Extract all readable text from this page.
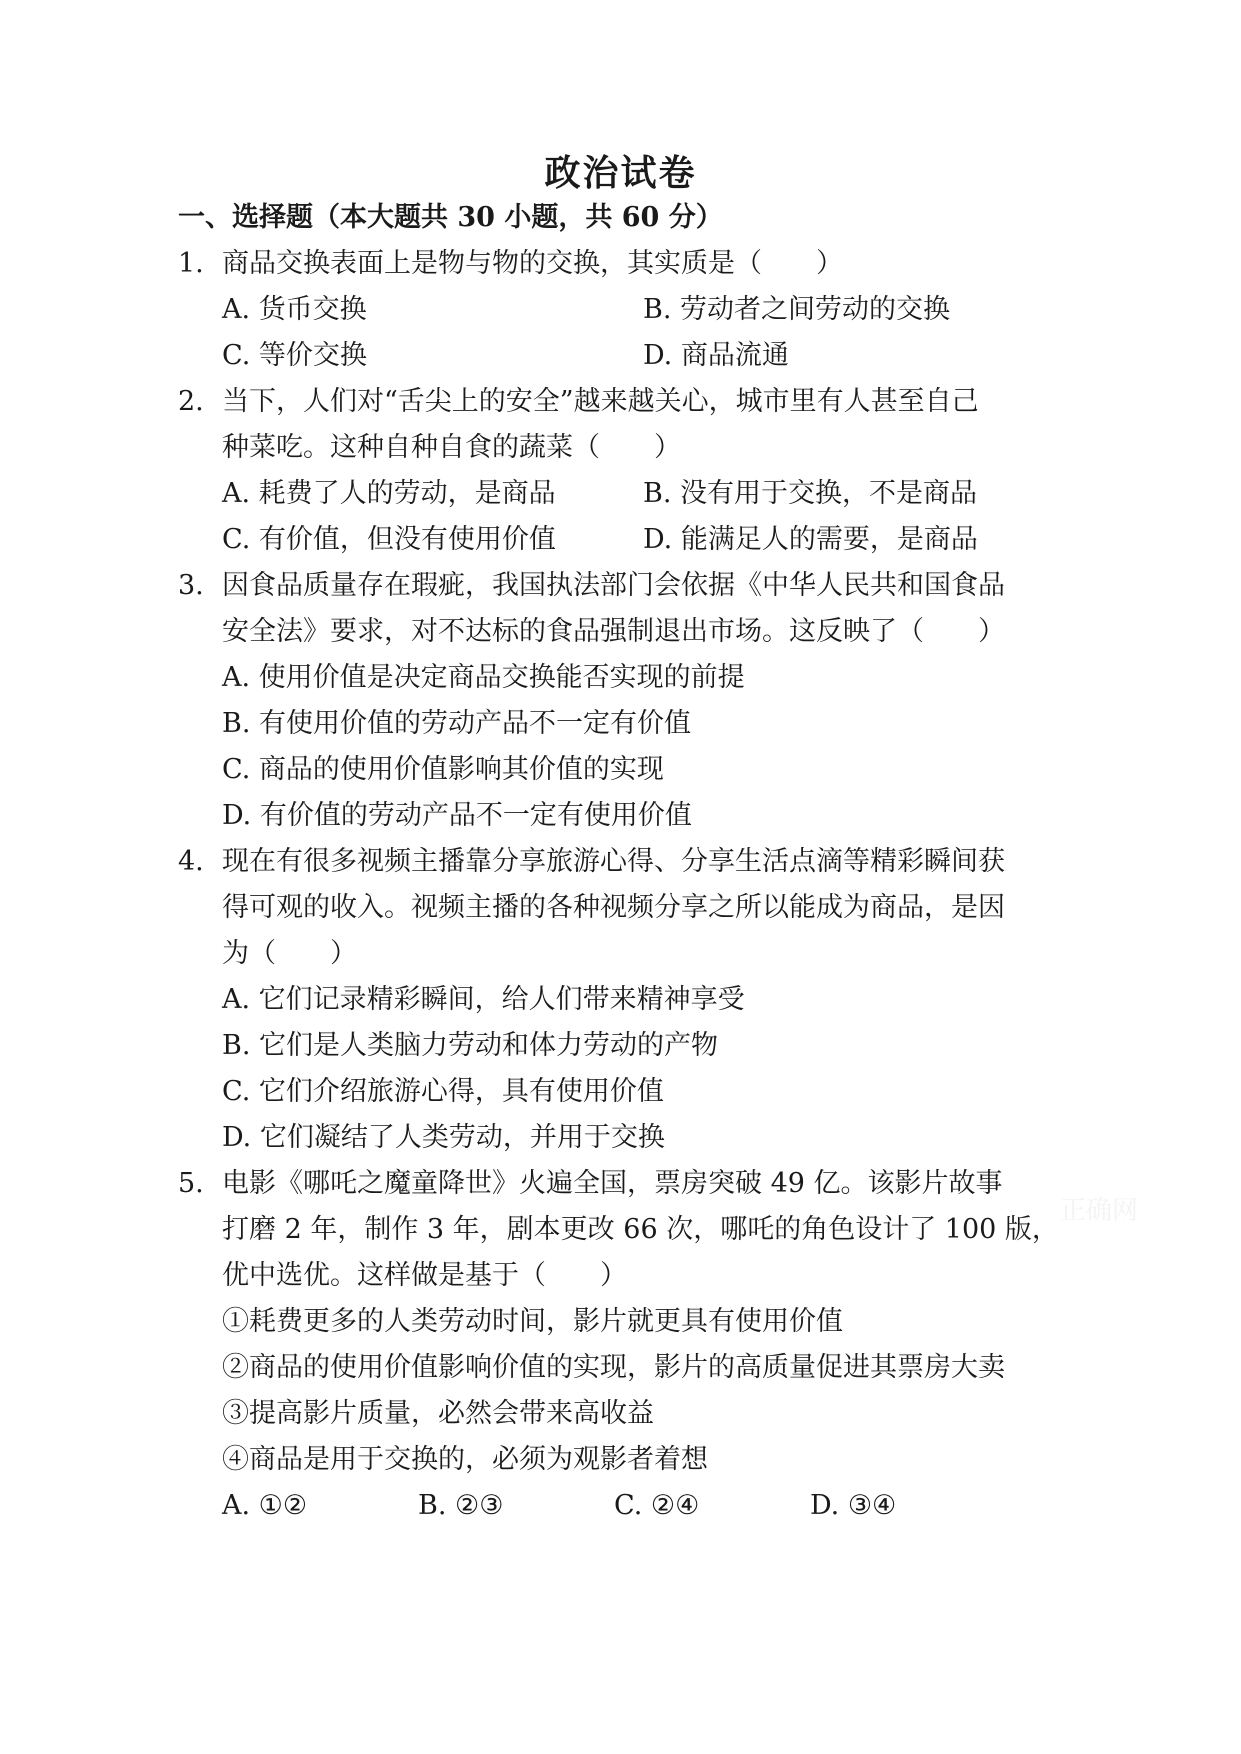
政治试卷
一、选择题（本大题共 30 小题，共 60 分）
1. 商品交换表面上是物与物的交换，其实质是（　　）
A. 货币交换	B. 劳动者之间劳动的交换
C. 等价交换	D. 商品流通
2. 当下，人们对“舌尖上的安全”越来越关心，城市里有人甚至自己
种菜吃。这种自种自食的蔬菜（　　）
A. 耗费了人的劳动，是商品	B. 没有用于交换，不是商品
C. 有价值，但没有使用价值	D. 能满足人的需要，是商品
3. 因食品质量存在瑕疵，我国执法部门会依据《中华人民共和国食品
安全法》要求，对不达标的食品强制退出市场。这反映了（　　）
A. 使用价值是决定商品交换能否实现的前提
B. 有使用价值的劳动产品不一定有价值
C. 商品的使用价值影响其价值的实现
D. 有价值的劳动产品不一定有使用价值
4. 现在有很多视频主播靠分享旅游心得、分享生活点滴等精彩瞬间获
得可观的收入。视频主播的各种视频分享之所以能成为商品，是因
为（　　）
A. 它们记录精彩瞬间，给人们带来精神享受
B. 它们是人类脑力劳动和体力劳动的产物
C. 它们介绍旅游心得，具有使用价值
D. 它们凝结了人类劳动，并用于交换
5. 电影《哪吒之魔童降世》火遍全国，票房突破 49 亿。该影片故事
打磨 2 年，制作 3 年，剧本更改 66 次，哪吒的角色设计了 100 版，
优中选优。这样做是基于（　　）
①耗费更多的人类劳动时间，影片就更具有使用价值
②商品的使用价值影响价值的实现，影片的高质量促进其票房大卖
③提高影片质量，必然会带来高收益
④商品是用于交换的，必须为观影者着想
A. ①②	B. ②③	C. ②④	D. ③④
正确网
